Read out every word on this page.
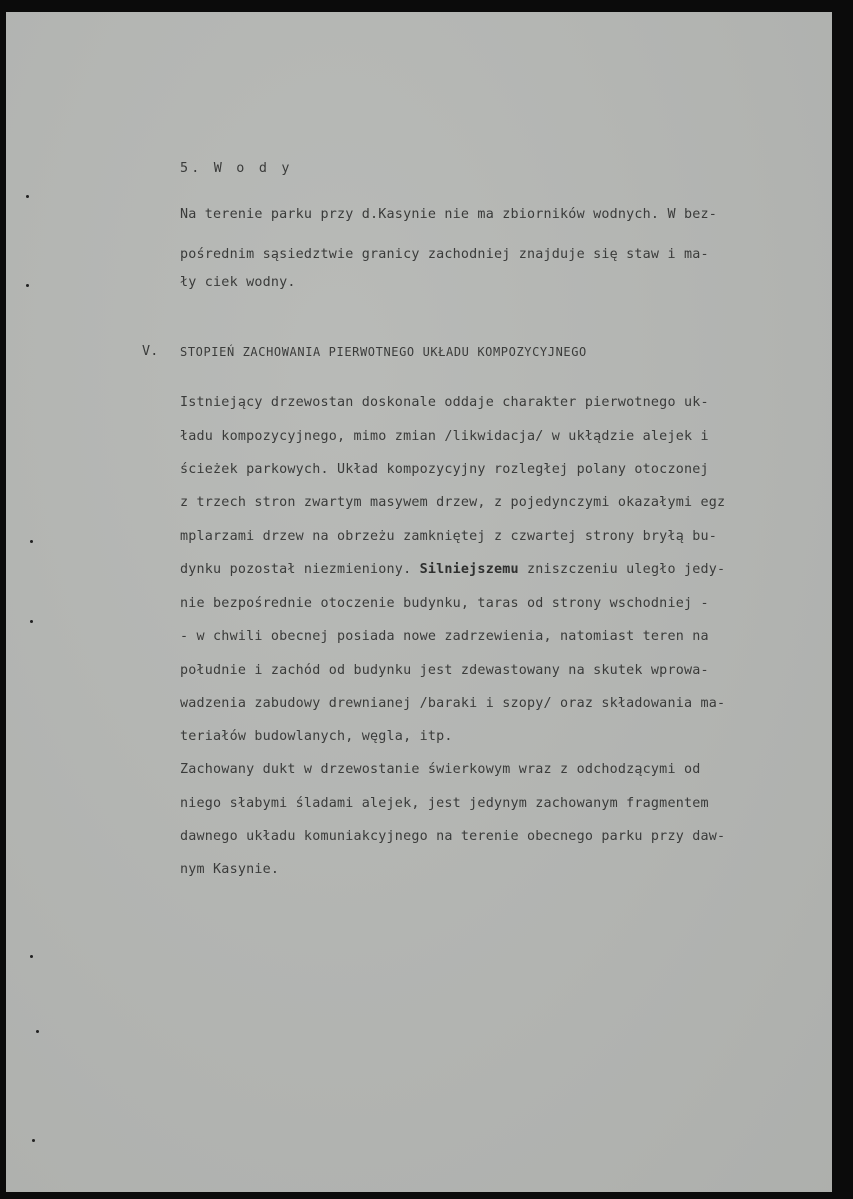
5. W o d y

Na terenie parku przy d.Kasynie nie ma zbiorników wodnych. W bez-

pośrednim sąsiedztwie granicy zachodniej znajduje się staw i ma-

ły ciek wodny.

V. STOPIEŃ ZACHOWANIA PIERWOTNEGO UKŁADU KOMPOZYCYJNEGO

Istniejący drzewostan doskonale oddaje charakter pierwotnego uk-

ładu kompozycyjnego, mimo zmian /likwidacja/ w ukłądzie alejek i

ścieżek parkowych. Układ kompozycyjny rozległej polany otoczonej

z trzech stron zwartym masywem drzew, z pojedynczymi okazałymi egz

mplarzami drzew na obrzeżu zamkniętej z czwartej strony bryłą bu-

dynku pozostał niezmieniony. Silniejszemu zniszczeniu uległo jedy-

nie bezpośrednie otoczenie budynku, taras od strony wschodniej -

- w chwili obecnej posiada nowe zadrzewienia, natomiast teren na

południe i zachód od budynku jest zdewastowany na skutek wprowa-

wadzenia zabudowy drewnianej /baraki i szopy/ oraz składowania ma-

teriałów budowlanych, węgla, itp.

Zachowany dukt w drzewostanie świerkowym wraz z odchodzącymi od

niego słabymi śladami alejek, jest jedynym zachowanym fragmentem

dawnego układu komuniakcyjnego na terenie obecnego parku przy daw-

nym Kasynie.
